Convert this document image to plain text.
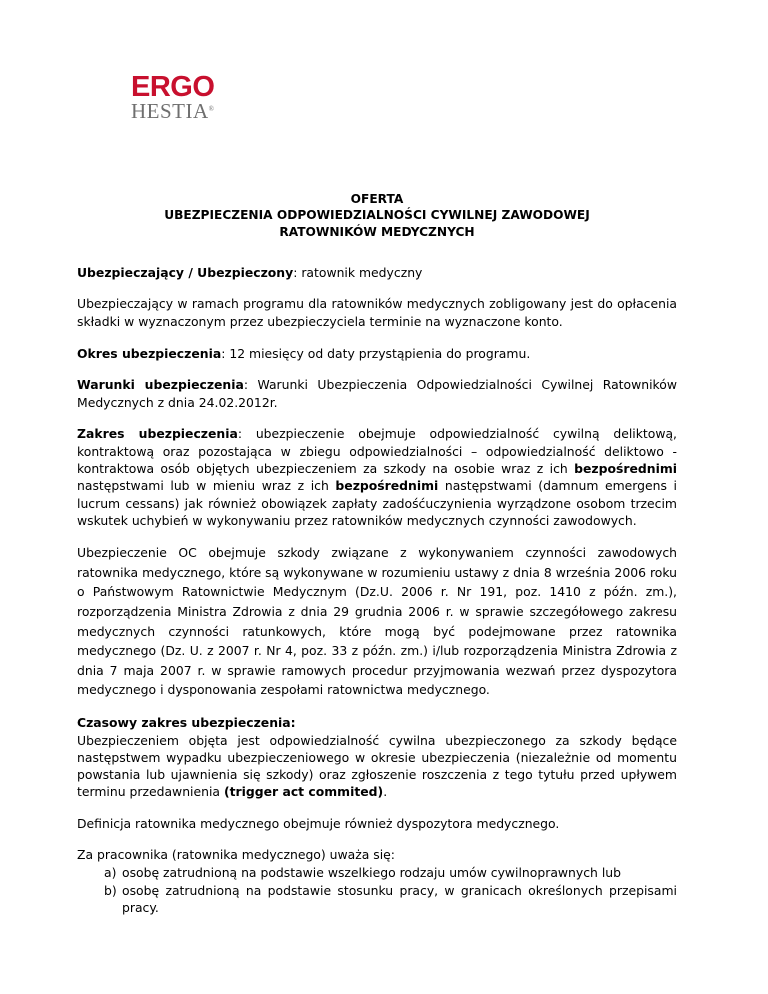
ERGO
HESTIA®
OFERTA
UBEZPIECZENIA ODPOWIEDZIALNOŚCI CYWILNEJ ZAWODOWEJ
RATOWNIKÓW MEDYCZNYCH

Ubezpieczający / Ubezpieczony: ratownik medyczny

Ubezpieczający w ramach programu dla ratowników medycznych zobligowany jest do opłacenia składki w wyznaczonym przez ubezpieczyciela terminie na wyznaczone konto.

Okres ubezpieczenia: 12 miesięcy od daty przystąpienia do programu.

Warunki ubezpieczenia: Warunki Ubezpieczenia Odpowiedzialności Cywilnej Ratowników Medycznych z dnia 24.02.2012r.

Zakres ubezpieczenia: ubezpieczenie obejmuje odpowiedzialność cywilną deliktową, kontraktową oraz pozostająca w zbiegu odpowiedzialności – odpowiedzialność deliktowo - kontraktowa osób objętych ubezpieczeniem za szkody na osobie wraz z ich bezpośrednimi następstwami lub w mieniu wraz z ich bezpośrednimi następstwami (damnum emergens i lucrum cessans) jak również obowiązek zapłaty zadośćuczynienia wyrządzone osobom trzecim wskutek uchybień w wykonywaniu przez ratowników medycznych czynności zawodowych.

Ubezpieczenie OC obejmuje szkody związane z wykonywaniem czynności zawodowych ratownika medycznego, które są wykonywane w rozumieniu ustawy z dnia 8 września 2006 roku o Państwowym Ratownictwie Medycznym (Dz.U. 2006 r. Nr 191, poz. 1410 z późn. zm.), rozporządzenia Ministra Zdrowia z dnia 29 grudnia 2006 r. w sprawie szczegółowego zakresu medycznych czynności ratunkowych, które mogą być podejmowane przez ratownika medycznego (Dz. U. z 2007 r. Nr 4, poz. 33 z późn. zm.) i/lub rozporządzenia Ministra Zdrowia z dnia 7 maja 2007 r. w sprawie ramowych procedur przyjmowania wezwań przez dyspozytora medycznego i dysponowania zespołami ratownictwa medycznego.

Czasowy zakres ubezpieczenia:
Ubezpieczeniem objęta jest odpowiedzialność cywilna ubezpieczonego za szkody będące następstwem wypadku ubezpieczeniowego w okresie ubezpieczenia (niezależnie od momentu powstania lub ujawnienia się szkody) oraz zgłoszenie roszczenia z tego tytułu przed upływem terminu przedawnienia (trigger act commited).

Definicja ratownika medycznego obejmuje również dyspozytora medycznego.

Za pracownika (ratownika medycznego) uważa się:
a) osobę zatrudnioną na podstawie wszelkiego rodzaju umów cywilnoprawnych lub
b) osobę zatrudnioną na podstawie stosunku pracy, w granicach określonych przepisami pracy.
